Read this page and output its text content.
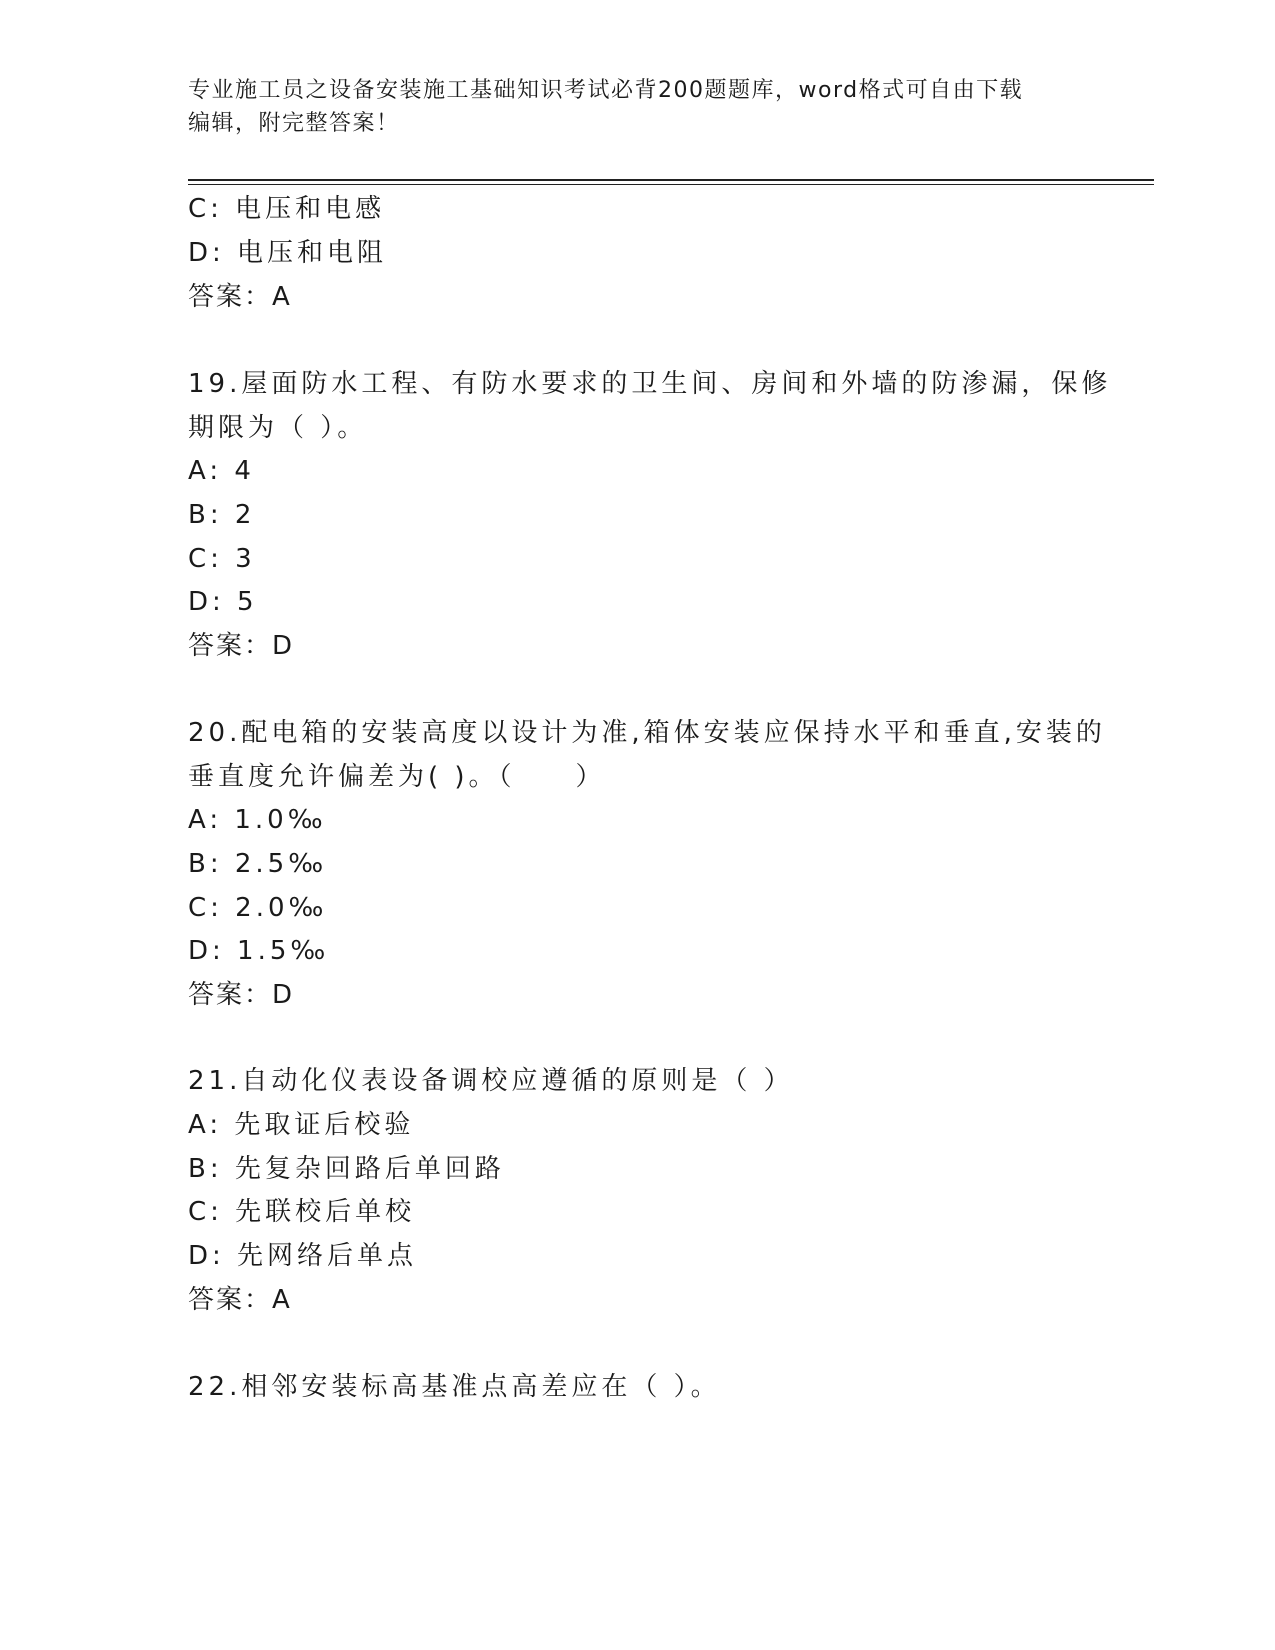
专业施工员之设备安装施工基础知识考试必背200题题库，word格式可自由下载
编辑，附完整答案！
C: 电压和电感
D: 电压和电阻
答案：A
19.屋面防水工程、有防水要求的卫生间、房间和外墙的防渗漏，保修
期限为（ ）。
A: 4
B: 2
C: 3
D: 5
答案：D
20.配电箱的安装高度以设计为准,箱体安装应保持水平和垂直,安装的
垂直度允许偏差为( )。（　　）
A: 1.0‰
B: 2.5‰
C: 2.0‰
D: 1.5‰
答案：D
21.自动化仪表设备调校应遵循的原则是（ ）
A: 先取证后校验
B: 先复杂回路后单回路
C: 先联校后单校
D: 先网络后单点
答案：A
22.相邻安装标高基准点高差应在（ ）。
